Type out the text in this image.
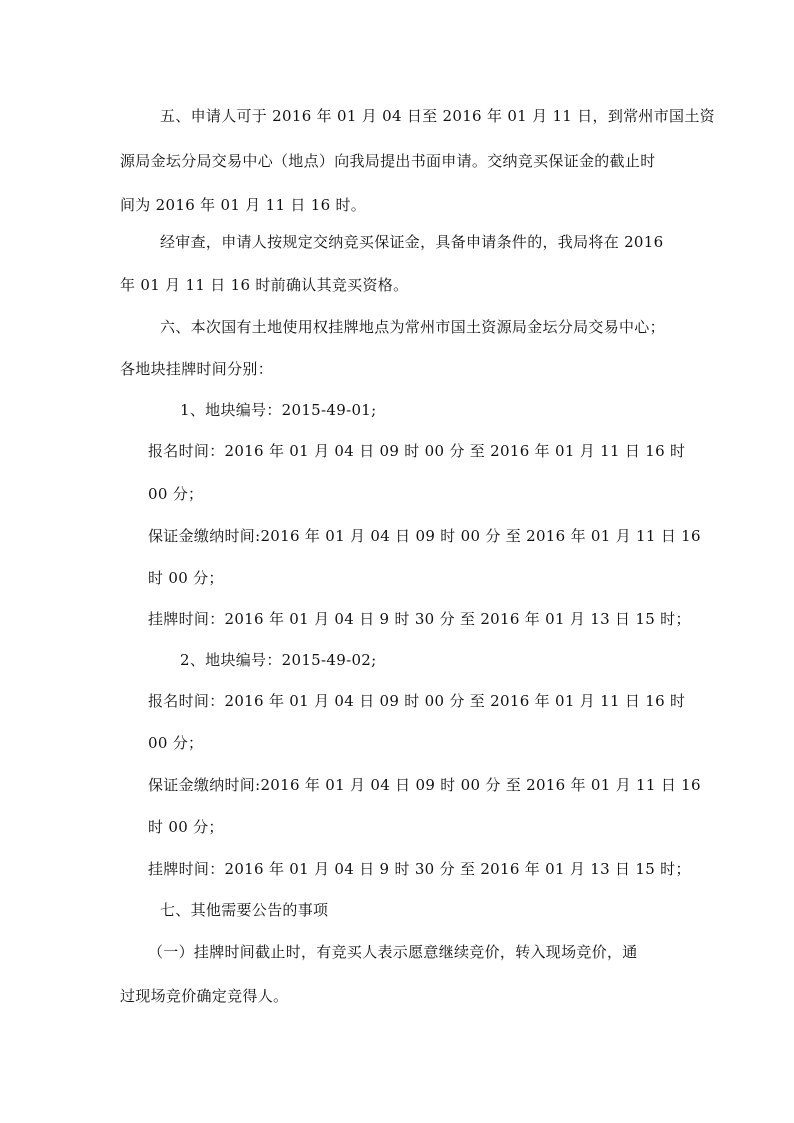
五、申请人可于 2016 年 01 月 04 日至 2016 年 01 月 11 日，到常州市国土资

源局金坛分局交易中心（地点）向我局提出书面申请。交纳竞买保证金的截止时

间为 2016 年 01 月 11 日 16 时。

经审查，申请人按规定交纳竞买保证金，具备申请条件的，我局将在 2016

年 01 月 11 日 16 时前确认其竞买资格。

六、本次国有土地使用权挂牌地点为常州市国土资源局金坛分局交易中心；

各地块挂牌时间分别：

1、地块编号：2015-49-01;

报名时间：2016 年 01 月 04 日 09 时 00 分 至 2016 年 01 月 11 日 16 时

00 分；

保证金缴纳时间:2016 年 01 月 04 日 09 时 00 分 至 2016 年 01 月 11 日 16

时 00 分；

挂牌时间：2016 年 01 月 04 日 9 时 30 分 至 2016 年 01 月 13 日 15 时；

2、地块编号：2015-49-02;

报名时间：2016 年 01 月 04 日 09 时 00 分 至 2016 年 01 月 11 日 16 时

00 分；

保证金缴纳时间:2016 年 01 月 04 日 09 时 00 分 至 2016 年 01 月 11 日 16

时 00 分；

挂牌时间：2016 年 01 月 04 日 9 时 30 分 至 2016 年 01 月 13 日 15 时；

七、其他需要公告的事项

（一）挂牌时间截止时，有竞买人表示愿意继续竞价，转入现场竞价，通

过现场竞价确定竞得人。
